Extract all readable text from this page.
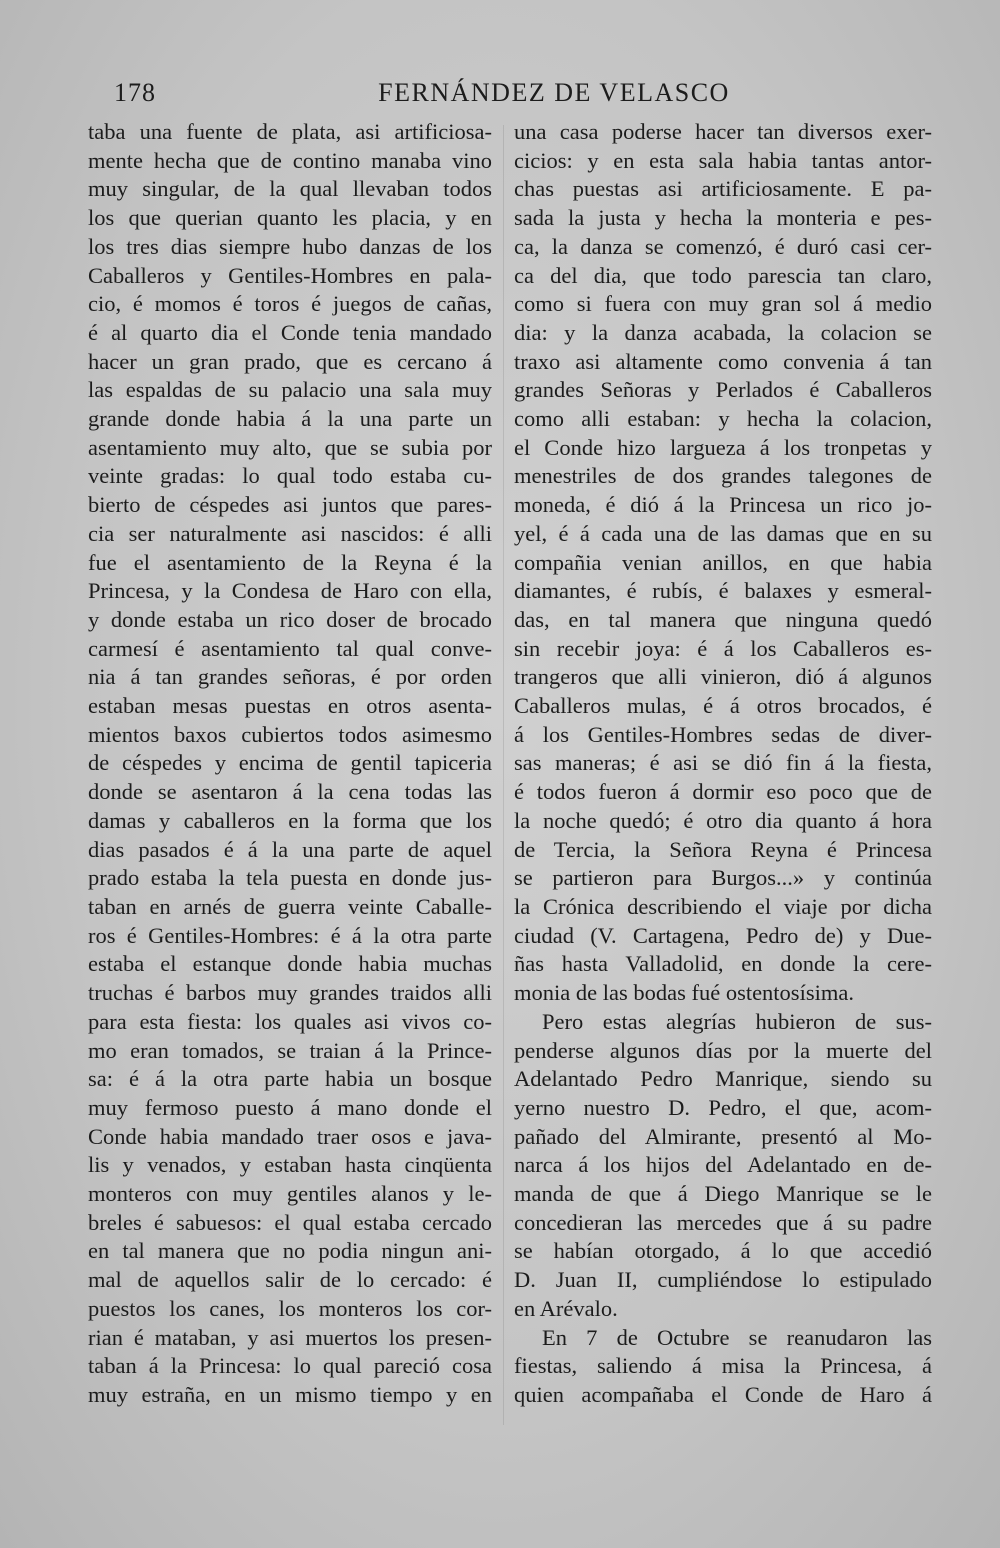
178	FERNÁNDEZ DE VELASCO
taba una fuente de plata, asi artificiosa-
mente hecha que de contino manaba vino
muy singular, de la qual llevaban todos
los que querian quanto les placia, y en
los tres dias siempre hubo danzas de los
Caballeros y Gentiles-Hombres en pala-
cio, é momos é toros é juegos de cañas,
é al quarto dia el Conde tenia mandado
hacer un gran prado, que es cercano á
las espaldas de su palacio una sala muy
grande donde habia á la una parte un
asentamiento muy alto, que se subia por
veinte gradas: lo qual todo estaba cu-
bierto de céspedes asi juntos que pares-
cia ser naturalmente asi nascidos: é alli
fue el asentamiento de la Reyna é la
Princesa, y la Condesa de Haro con ella,
y donde estaba un rico doser de brocado
carmesí é asentamiento tal qual conve-
nia á tan grandes señoras, é por orden
estaban mesas puestas en otros asenta-
mientos baxos cubiertos todos asimesmo
de céspedes y encima de gentil tapiceria
donde se asentaron á la cena todas las
damas y caballeros en la forma que los
dias pasados é á la una parte de aquel
prado estaba la tela puesta en donde jus-
taban en arnés de guerra veinte Caballe-
ros é Gentiles-Hombres: é á la otra parte
estaba el estanque donde habia muchas
truchas é barbos muy grandes traidos alli
para esta fiesta: los quales asi vivos co-
mo eran tomados, se traian á la Prince-
sa: é á la otra parte habia un bosque
muy fermoso puesto á mano donde el
Conde habia mandado traer osos e java-
lis y venados, y estaban hasta cinqüenta
monteros con muy gentiles alanos y le-
breles é sabuesos: el qual estaba cercado
en tal manera que no podia ningun ani-
mal de aquellos salir de lo cercado: é
puestos los canes, los monteros los cor-
rian é mataban, y asi muertos los presen-
taban á la Princesa: lo qual pareció cosa
muy estraña, en un mismo tiempo y en
una casa poderse hacer tan diversos exer-
cicios: y en esta sala habia tantas antor-
chas puestas asi artificiosamente. E pa-
sada la justa y hecha la monteria e pes-
ca, la danza se comenzó, é duró casi cer-
ca del dia, que todo parescia tan claro,
como si fuera con muy gran sol á medio
dia: y la danza acabada, la colacion se
traxo asi altamente como convenia á tan
grandes Señoras y Perlados é Caballeros
como alli estaban: y hecha la colacion,
el Conde hizo largueza á los tronpetas y
menestriles de dos grandes talegones de
moneda, é dió á la Princesa un rico jo-
yel, é á cada una de las damas que en su
compañia venian anillos, en que habia
diamantes, é rubís, é balaxes y esmeral-
das, en tal manera que ninguna quedó
sin recebir joya: é á los Caballeros es-
trangeros que alli vinieron, dió á algunos
Caballeros mulas, é á otros brocados, é
á los Gentiles-Hombres sedas de diver-
sas maneras; é asi se dió fin á la fiesta,
é todos fueron á dormir eso poco que de
la noche quedó; é otro dia quanto á hora
de Tercia, la Señora Reyna é Princesa
se partieron para Burgos...» y continúa
la Crónica describiendo el viaje por dicha
ciudad (V. Cartagena, Pedro de) y Due-
ñas hasta Valladolid, en donde la cere-
monia de las bodas fué ostentosísima.
Pero estas alegrías hubieron de sus-
penderse algunos días por la muerte del
Adelantado Pedro Manrique, siendo su
yerno nuestro D. Pedro, el que, acom-
pañado del Almirante, presentó al Mo-
narca á los hijos del Adelantado en de-
manda de que á Diego Manrique se le
concedieran las mercedes que á su padre
se habían otorgado, á lo que accedió
D. Juan II, cumpliéndose lo estipulado
en Arévalo.
En 7 de Octubre se reanudaron las
fiestas, saliendo á misa la Princesa, á
quien acompañaba el Conde de Haro á
